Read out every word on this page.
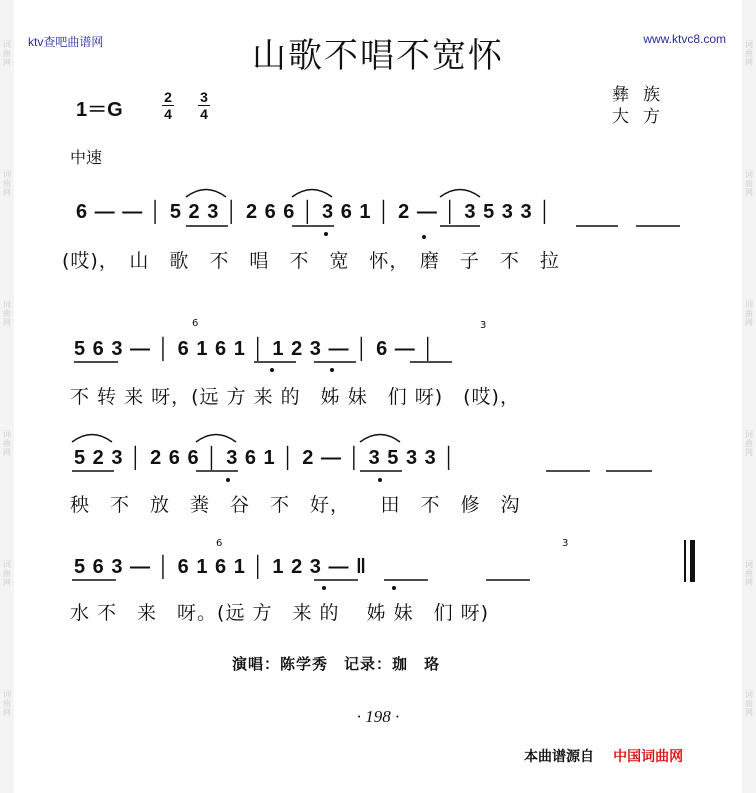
词
曲
网
词
曲
网
词
曲
网
词
曲
网
词
曲
网
词
曲
网
词
曲
网
词
曲
网
词
曲
网
词
曲
网
词
曲
网
词
曲
网
ktv查吧曲谱网	www.ktvc8.com
山歌不唱不宽怀
1＝G
2
4
3
4
彝族
大方
中速
6 — — │ 5 2 3 │ 2 6 6 │ 3 6 1 │ 2 — │ 3 5 3 3 │
(哎)，　山　歌　不　唱　不　宽　怀，　磨　子　不　拉
5 6 3 — │ 6 1 6 1 │ 1 2 3 — │ 6 — │
不 转 来 呀，(远 方 来 的　姊 妹　们 呀)　(哎)，
6	3
5 2 3 │ 2 6 6 │ 3 6 1 │ 2 — │ 3 5 3 3 │
秧　不　放　粪　谷　不　好，　　田　不　修　沟
5 6 3 — │ 6 1 6 1 │ 1 2 3 — ‖
水 不　来　呀。(远 方　来 的　 姊 妹　们 呀)
6	3
演唱：陈学秀　记录：珈　珞
· 198 ·
本曲谱源自 中国词曲网
